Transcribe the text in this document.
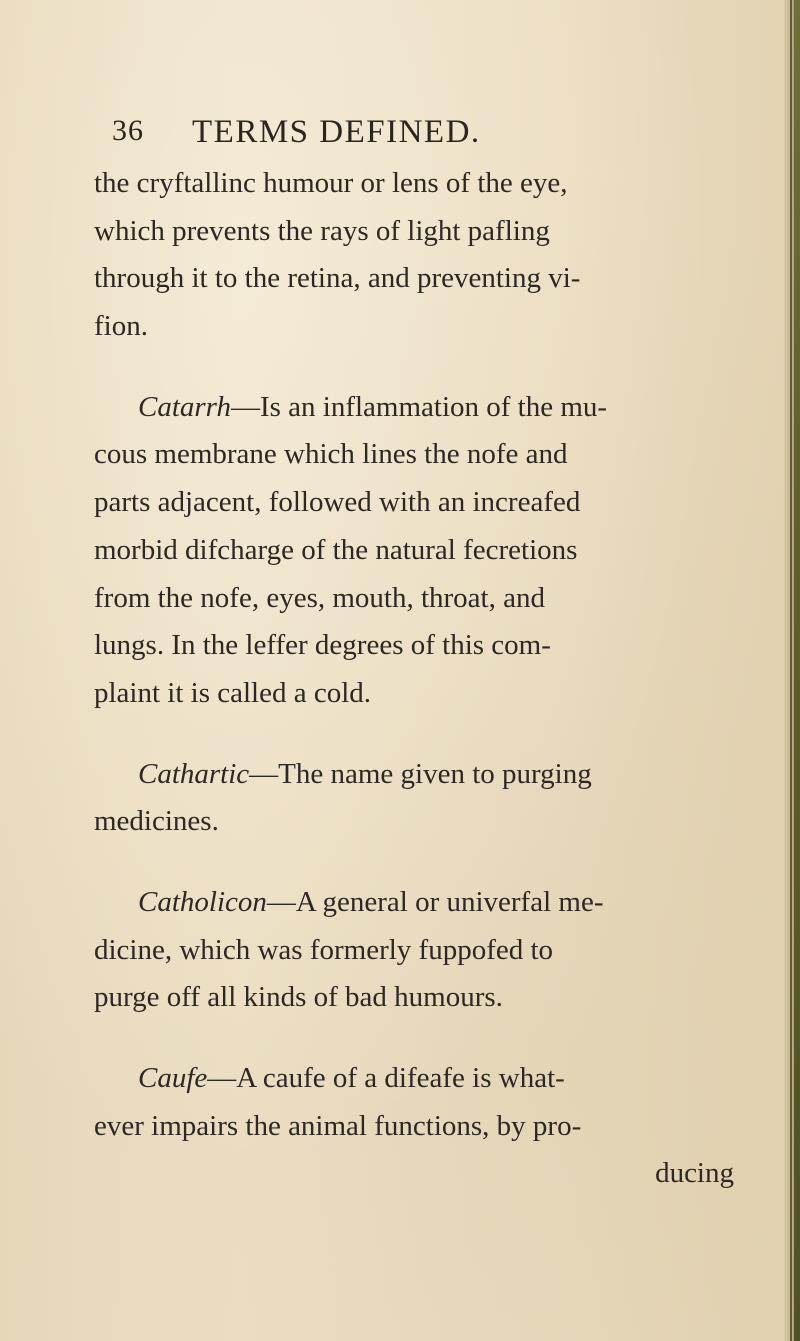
36 TERMS DEFINED.
the cryftallinc humour or lens of the eye,
which prevents the rays of light pafling
through it to the retina, and preventing vi-
fion.
Catarrh—Is an inflammation of the mu-
cous membrane which lines the nofe and
parts adjacent, followed with an increafed
morbid difcharge of the natural fecretions
from the nofe, eyes, mouth, throat, and
lungs. In the leffer degrees of this com-
plaint it is called a cold.
Cathartic—The name given to purging
medicines.
Catholicon—A general or univerfal me-
dicine, which was formerly fuppofed to
purge off all kinds of bad humours.
Caufe—A caufe of a difeafe is what-
ever impairs the animal functions, by pro-
ducing
